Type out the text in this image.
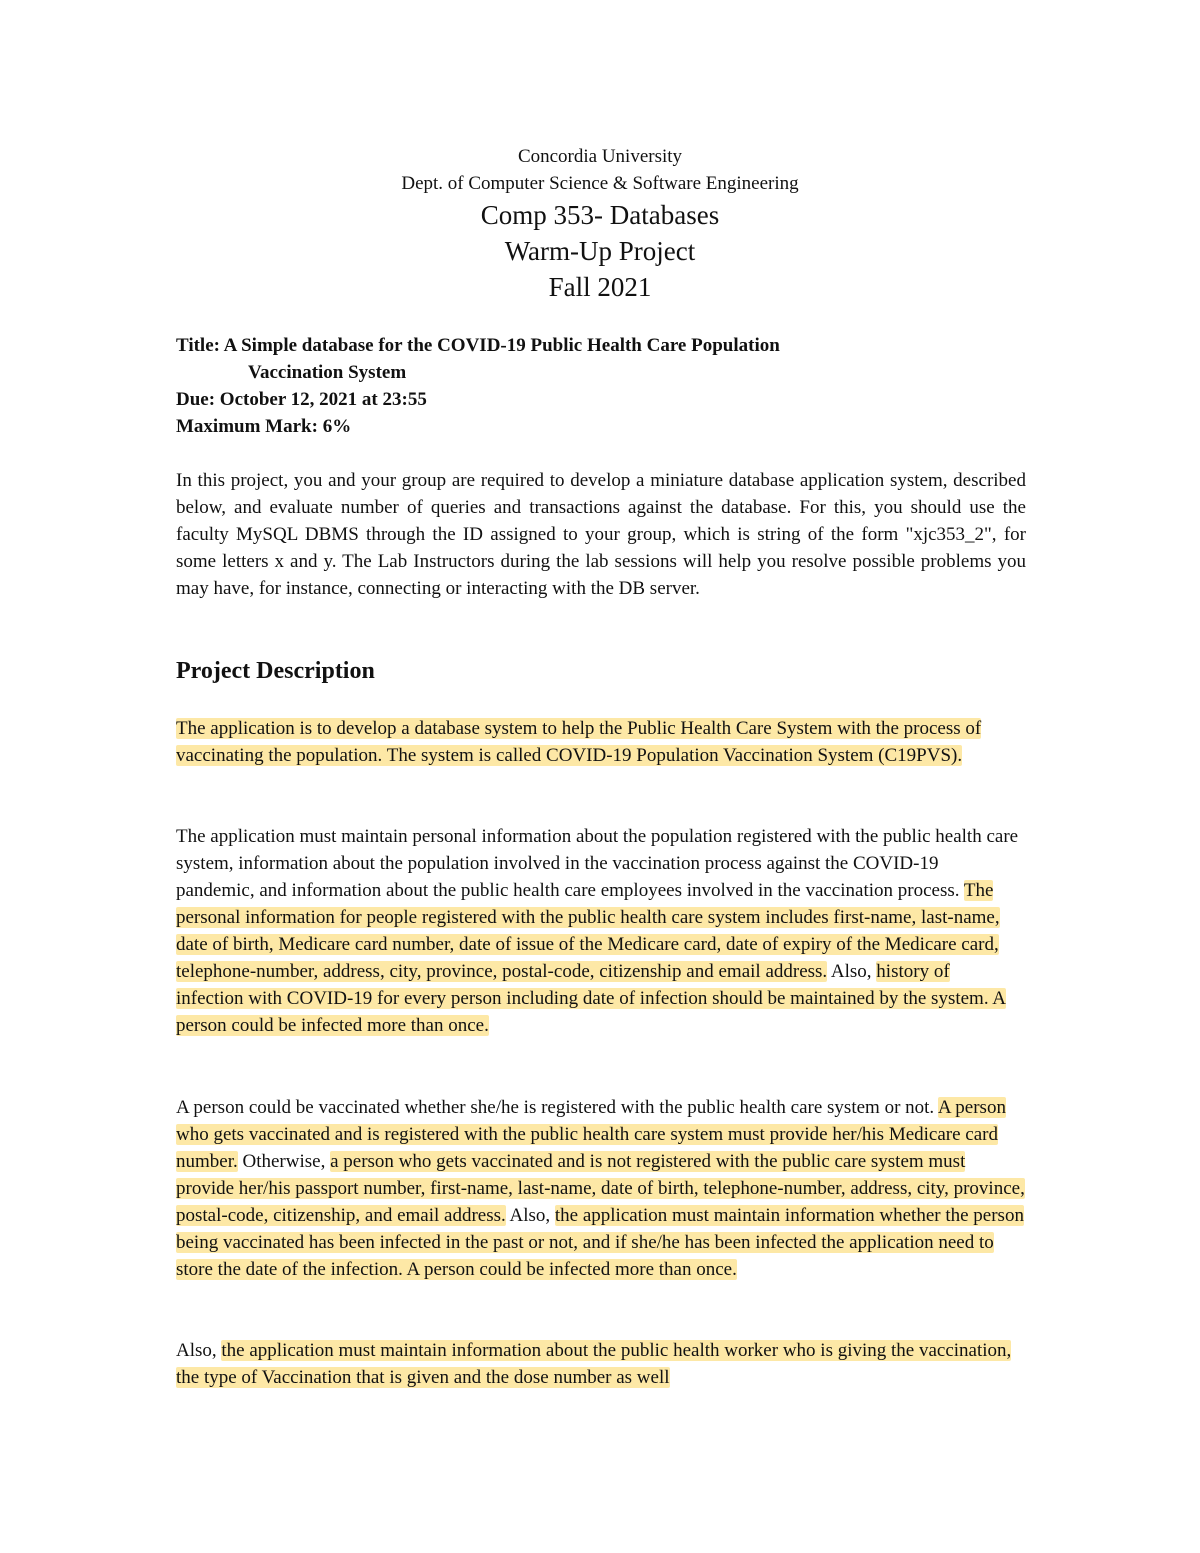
Concordia University
Dept. of Computer Science & Software Engineering
Comp 353- Databases
Warm-Up Project
Fall 2021
Title: A Simple database for the COVID-19 Public Health Care Population
Vaccination System
Due: October 12, 2021 at 23:55
Maximum Mark: 6%
In this project, you and your group are required to develop a miniature database application system, described below, and evaluate number of queries and transactions against the database. For this, you should use the faculty MySQL DBMS through the ID assigned to your group, which is string of the form "xjc353_2", for some letters x and y. The Lab Instructors during the lab sessions will help you resolve possible problems you may have, for instance, connecting or interacting with the DB server.
Project Description
The application is to develop a database system to help the Public Health Care System with the process of vaccinating the population. The system is called COVID-19 Population Vaccination System (C19PVS).
The application must maintain personal information about the population registered with the public health care system, information about the population involved in the vaccination process against the COVID-19 pandemic, and information about the public health care employees involved in the vaccination process. The personal information for people registered with the public health care system includes first-name, last-name, date of birth, Medicare card number, date of issue of the Medicare card, date of expiry of the Medicare card, telephone-number, address, city, province, postal-code, citizenship and email address. Also, history of infection with COVID-19 for every person including date of infection should be maintained by the system. A person could be infected more than once.
A person could be vaccinated whether she/he is registered with the public health care system or not. A person who gets vaccinated and is registered with the public health care system must provide her/his Medicare card number. Otherwise, a person who gets vaccinated and is not registered with the public care system must provide her/his passport number, first-name, last-name, date of birth, telephone-number, address, city, province, postal-code, citizenship, and email address. Also, the application must maintain information whether the person being vaccinated has been infected in the past or not, and if she/he has been infected the application need to store the date of the infection. A person could be infected more than once.
Also, the application must maintain information about the public health worker who is giving the vaccination, the type of Vaccination that is given and the dose number as well
